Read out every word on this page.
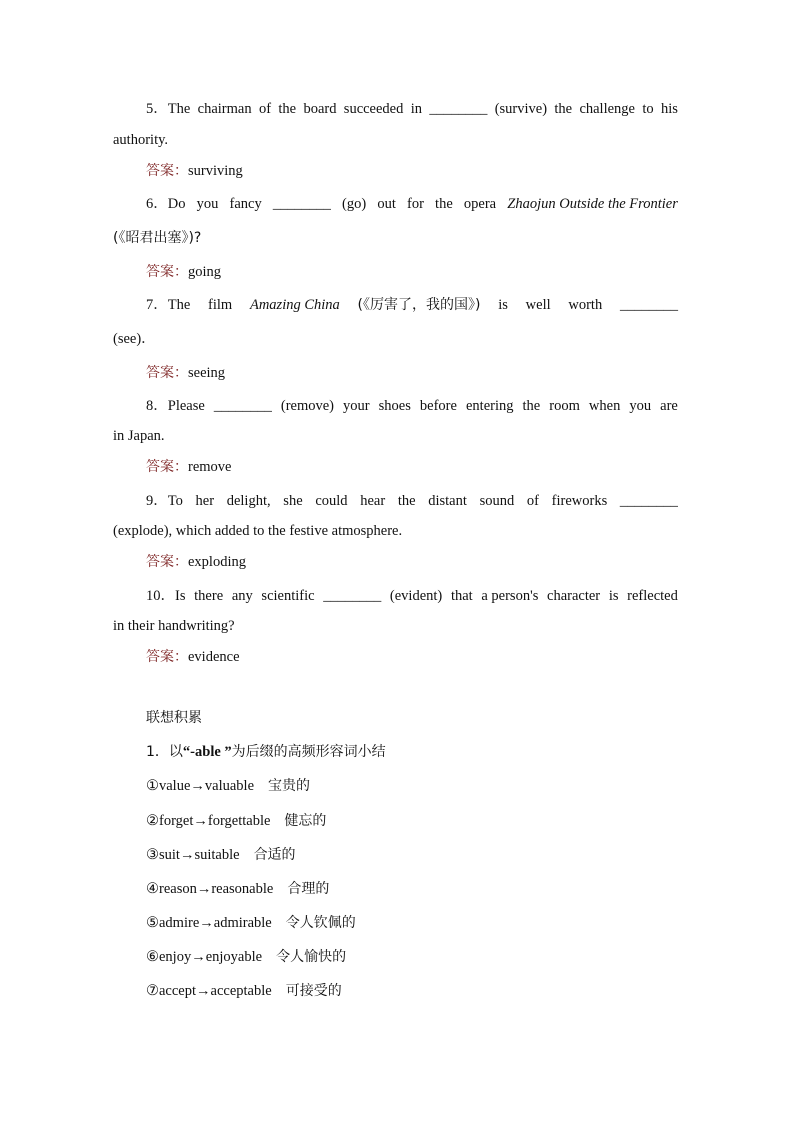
5．The chairman of the board succeeded in ________ (survive) the challenge to his
authority.
答案：surviving
6．Do you fancy ________ (go) out for the opera Zhaojun Outside the Frontier
(《昭君出塞》)?
答案：going
7．The film Amazing China (《厉害了，我的国》) is well worth ________
(see)．
答案：seeing
8．Please ________ (remove) your shoes before entering the room when you are
in Japan.
答案：remove
9．To her delight, she could hear the distant sound of fireworks ________
(explode), which added to the festive atmosphere.
答案：exploding
10．Is there any scientific ________ (evident) that a person's character is reflected
in their handwriting?
答案：evidence
联想积累
1．以“-able ”为后缀的高频形容词小结
①value→valuable 宝贵的
②forget→forgettable 健忘的
③suit→suitable 合适的
④reason→reasonable 合理的
⑤admire→admirable 令人钦佩的
⑥enjoy→enjoyable 令人愉快的
⑦accept→acceptable 可接受的
